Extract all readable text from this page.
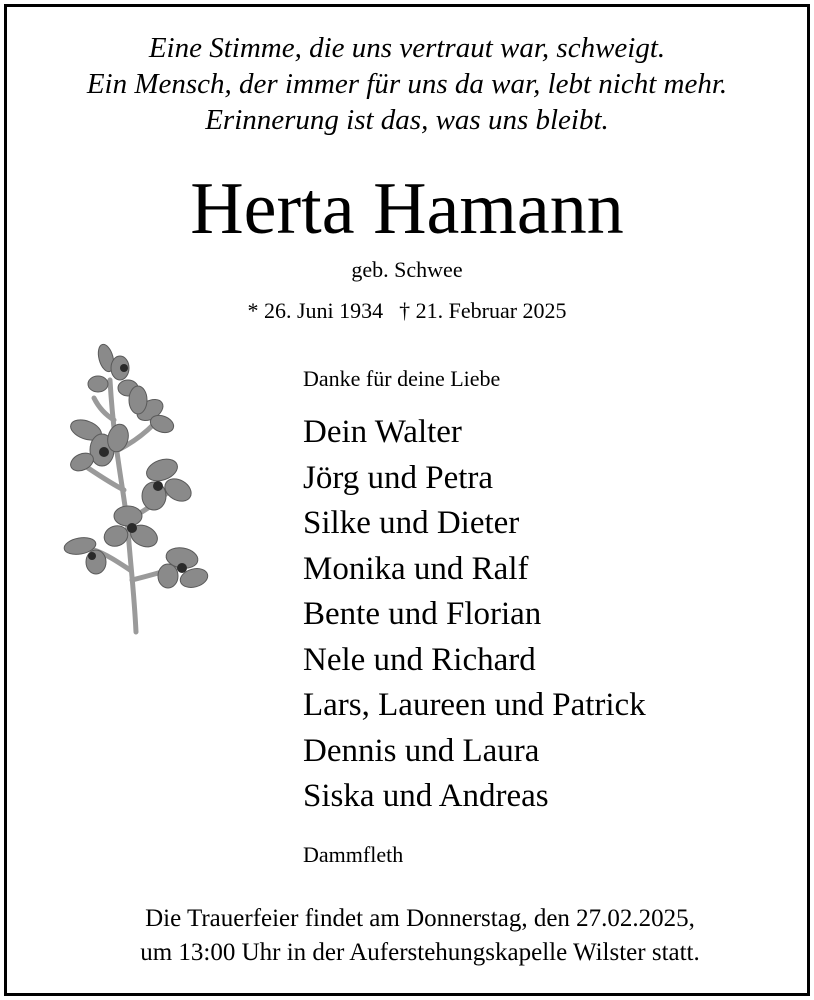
Eine Stimme, die uns vertraut war, schweigt.
Ein Mensch, der immer für uns da war, lebt nicht mehr.
Erinnerung ist das, was uns bleibt.
Herta Hamann
geb. Schwee
* 26. Juni 1934 † 21. Februar 2025
Danke für deine Liebe
Dein Walter
Jörg und Petra
Silke und Dieter
Monika und Ralf
Bente und Florian
Nele und Richard
Lars, Laureen und Patrick
Dennis und Laura
Siska und Andreas
Dammfleth
Die Trauerfeier findet am Donnerstag, den 27.02.2025,
um 13:00 Uhr in der Auferstehungskapelle Wilster statt.
